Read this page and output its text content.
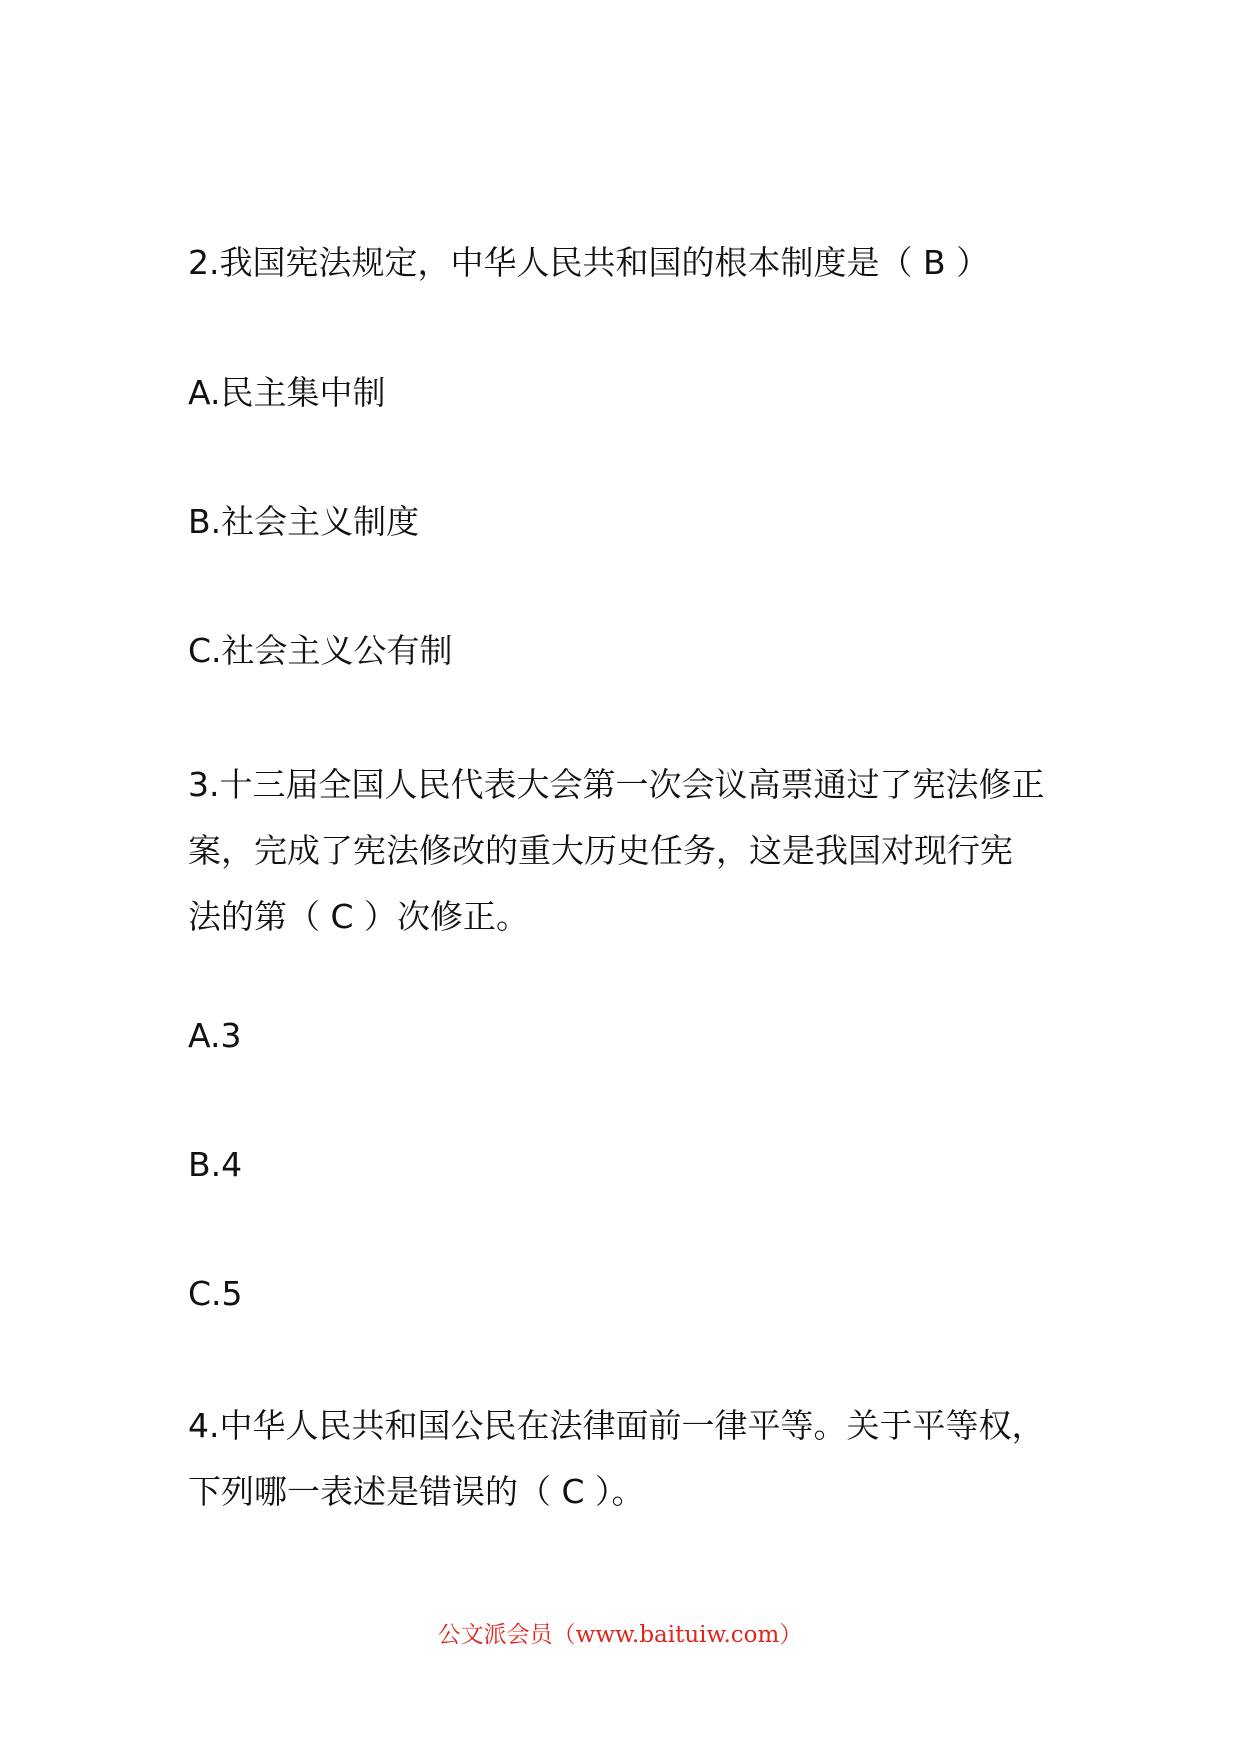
2.我国宪法规定，中华人民共和国的根本制度是（ B ）
A.民主集中制
B.社会主义制度
C.社会主义公有制
3.十三届全国人民代表大会第一次会议高票通过了宪法修正
案，完成了宪法修改的重大历史任务，这是我国对现行宪
法的第（ C ）次修正。
A.3
B.4
C.5
4.中华人民共和国公民在法律面前一律平等。关于平等权，
下列哪一表述是错误的（ C ）。
公文派会员（www.baituiw.com）
